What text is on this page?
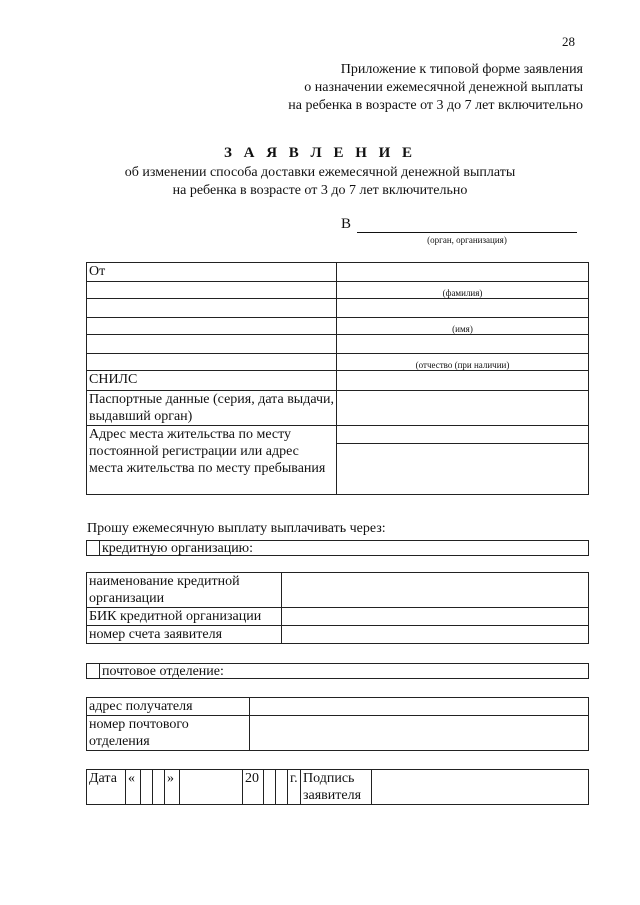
28
Приложение к типовой форме заявления
о назначении ежемесячной денежной выплаты
на ребенка в возрасте от 3 до 7 лет включительно
З А Я В Л Е Н И Е
об изменении способа доставки ежемесячной денежной выплаты
на ребенка в возрасте от 3 до 7 лет включительно
В
(орган, организация)
От	
	(фамилия)

	(имя)

	(отчество (при наличии)
СНИЛС	
Паспортные данные (серия, дата выдачи, выдавший орган)	
Адрес места жительства по месту постоянной регистрации или адрес места жительства по месту пребывания	

Прошу ежемесячную выплату выплачивать через:
кредитную организацию:
наименование кредитной организации	
БИК кредитной организации	
номер счета заявителя	
почтовое отделение:
адрес получателя	
номер почтового отделения	
Дата	«			»		20			г.	Подпись заявителя	
